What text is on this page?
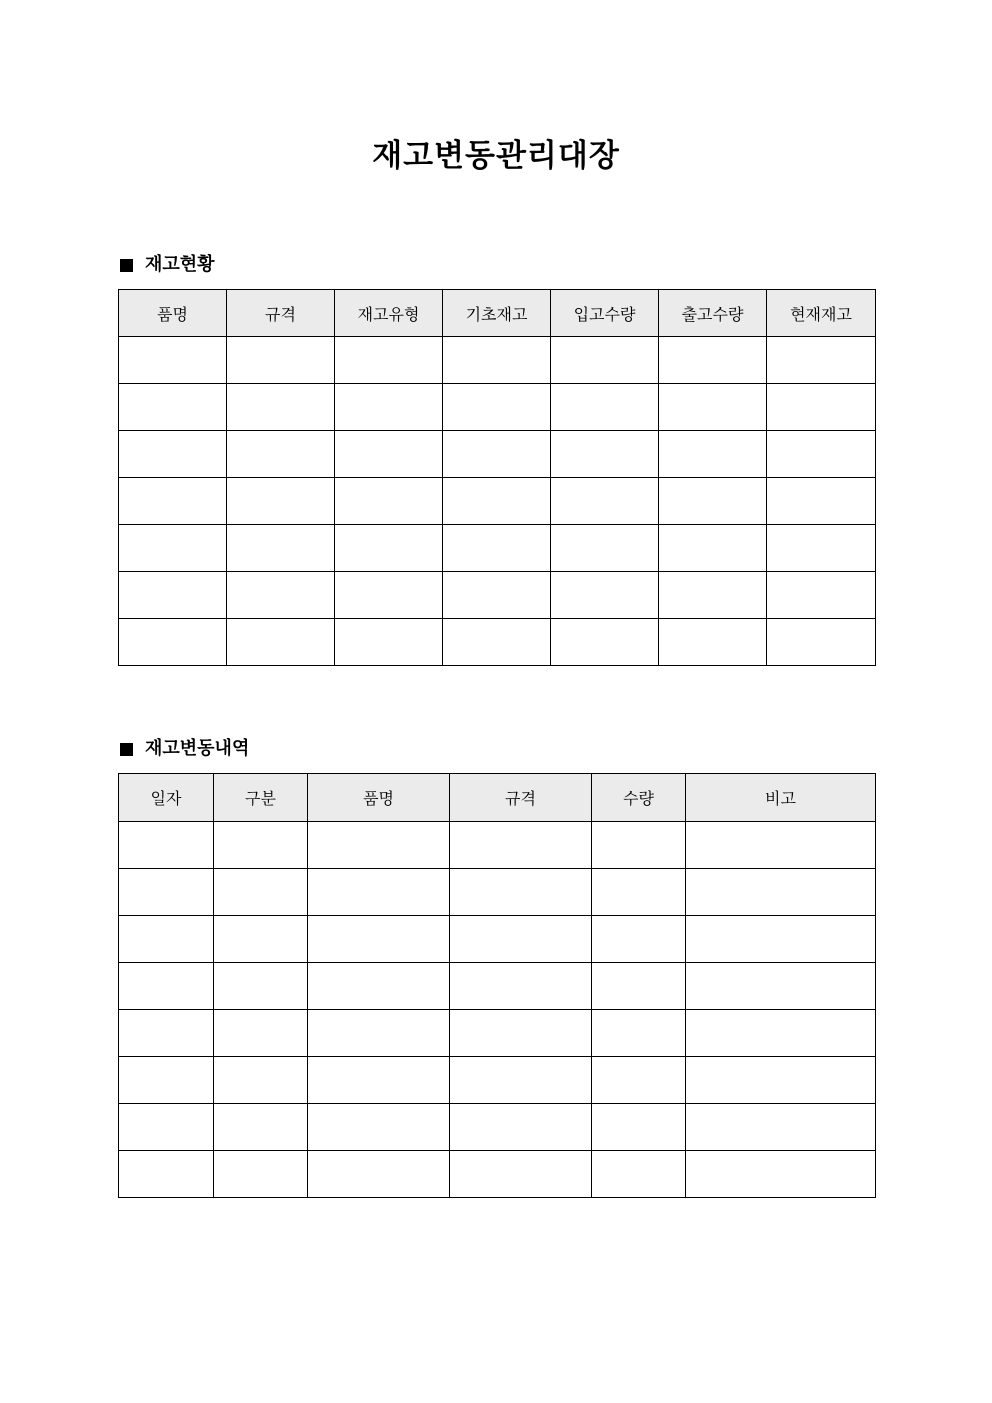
재고변동관리대장
재고현황
품명	규격	재고유형	기초재고	입고수량	출고수량	현재재고

재고변동내역
일자	구분	품명	규격	수량	비고
